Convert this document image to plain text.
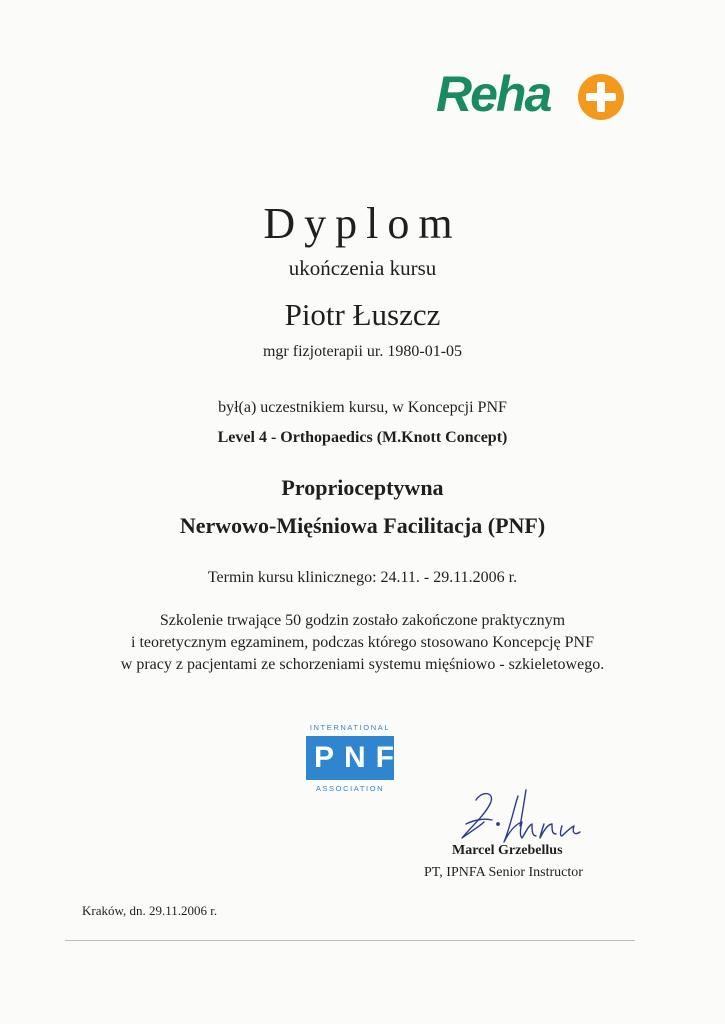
Reha
Dyplom
ukończenia kursu
Piotr Łuszcz
mgr fizjoterapii ur. 1980-01-05
był(a) uczestnikiem kursu, w Koncepcji PNF
Level 4 - Orthopaedics (M.Knott Concept)
Proprioceptywna
Nerwowo-Mięśniowa Facilitacja (PNF)
Termin kursu klinicznego: 24.11. - 29.11.2006 r.
Szkolenie trwające 50 godzin zostało zakończone praktycznym
i teoretycznym egzaminem, podczas którego stosowano Koncepcję PNF
w pracy z pacjentami ze schorzeniami systemu mięśniowo - szkieletowego.
INTERNATIONAL
PNF
ASSOCIATION
Marcel Grzebellus
PT, IPNFA Senior Instructor
Kraków, dn. 29.11.2006 r.
